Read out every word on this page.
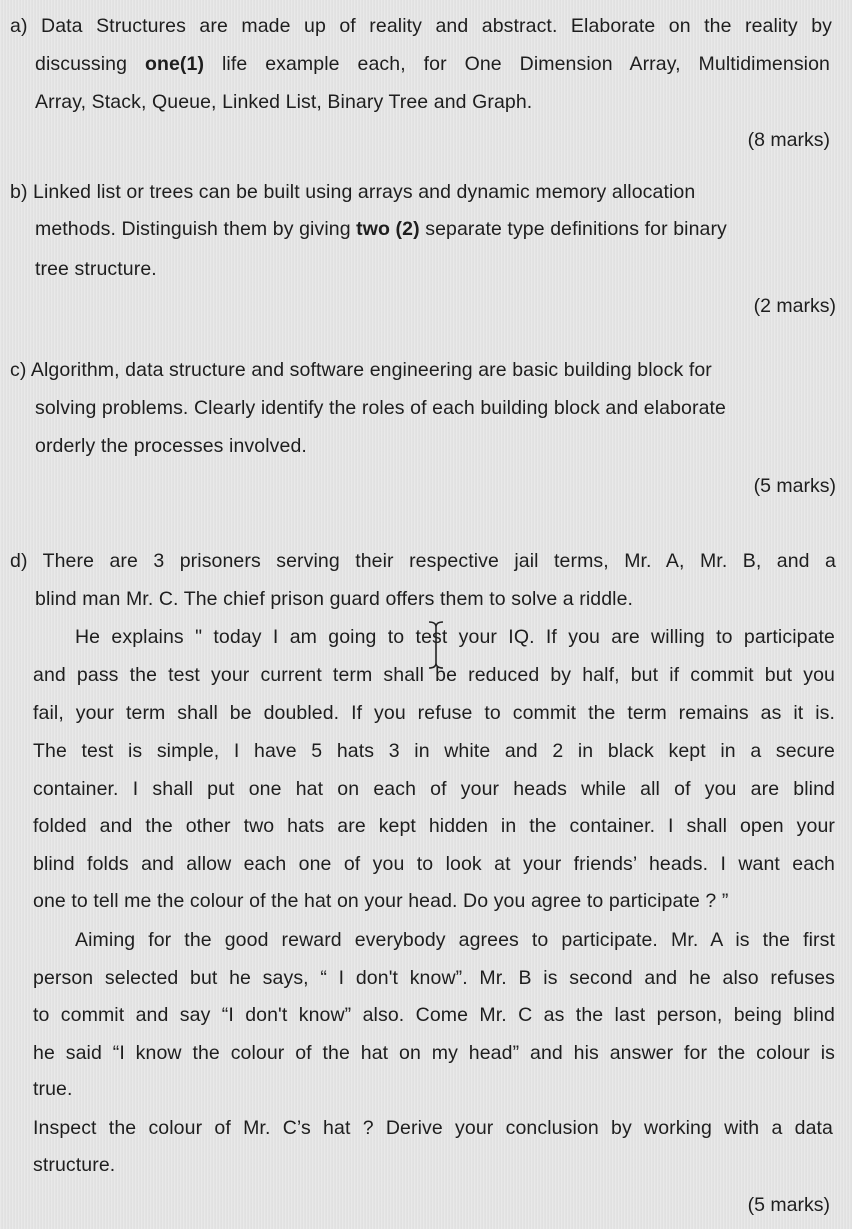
a) Data Structures are made up of reality and abstract. Elaborate on the reality by
discussing one(1) life example each, for One Dimension Array, Multidimension
Array, Stack, Queue, Linked List, Binary Tree and Graph.
(8 marks)
b) Linked list or trees can be built using arrays and dynamic memory allocation
methods. Distinguish them by giving two (2) separate type definitions for binary
tree structure.
(2 marks)
c) Algorithm, data structure and software engineering are basic building block for
solving problems. Clearly identify the roles of each building block and elaborate
orderly the processes involved.
(5 marks)
d) There are 3 prisoners serving their respective jail terms, Mr. A, Mr. B, and a
blind man Mr. C. The chief prison guard offers them to solve a riddle.
He explains " today I am going to test your IQ. If you are willing to participate
and pass the test your current term shall be reduced by half, but if commit but you
fail, your term shall be doubled. If you refuse to commit the term remains as it is.
The test is simple, I have 5 hats 3 in white and 2 in black kept in a secure
container. I shall put one hat on each of your heads while all of you are blind
folded and the other two hats are kept hidden in the container. I shall open your
blind folds and allow each one of you to look at your friends’ heads. I want each
one to tell me the colour of the hat on your head. Do you agree to participate ? ”
Aiming for the good reward everybody agrees to participate. Mr. A is the first
person selected but he says, “ I don't know”. Mr. B is second and he also refuses
to commit and say “I don't know” also. Come Mr. C as the last person, being blind
he said “I know the colour of the hat on my head” and his answer for the colour is
true.
Inspect the colour of Mr. C’s hat ? Derive your conclusion by working with a data
structure.
(5 marks)
